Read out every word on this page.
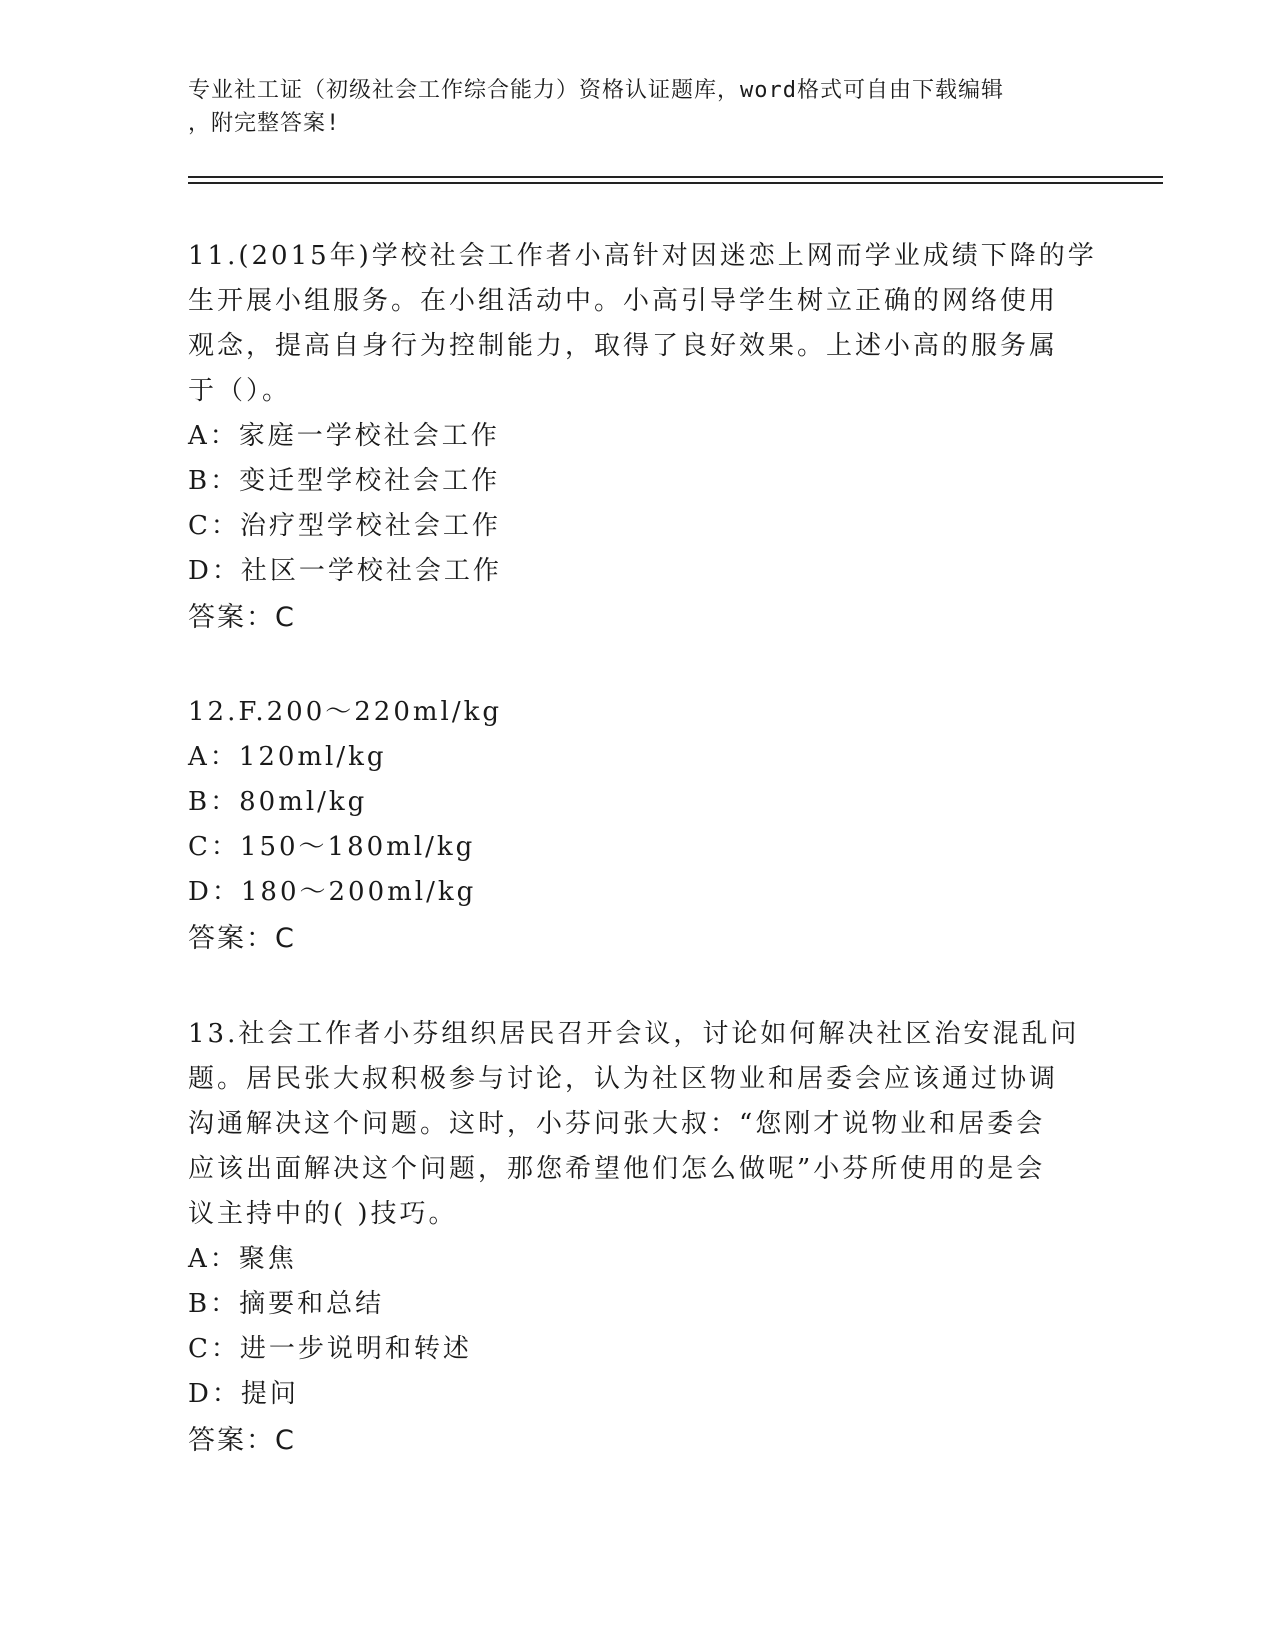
专业社工证（初级社会工作综合能力）资格认证题库，word格式可自由下载编辑
，附完整答案!
11.(2015年)学校社会工作者小高针对因迷恋上网而学业成绩下降的学
生开展小组服务。在小组活动中。小高引导学生树立正确的网络使用
观念，提高自身行为控制能力，取得了良好效果。上述小高的服务属
于（）。
A：家庭一学校社会工作
B：变迁型学校社会工作
C：治疗型学校社会工作
D：社区一学校社会工作
答案：C
12.F.200～220ml/kg
A：120ml/kg
B：80ml/kg
C：150～180ml/kg
D：180～200ml/kg
答案：C
13.社会工作者小芬组织居民召开会议，讨论如何解决社区治安混乱问
题。居民张大叔积极参与讨论，认为社区物业和居委会应该通过协调
沟通解决这个问题。这时，小芬问张大叔：“您刚才说物业和居委会
应该出面解决这个问题，那您希望他们怎么做呢”小芬所使用的是会
议主持中的( )技巧。
A：聚焦
B：摘要和总结
C：进一步说明和转述
D：提问
答案：C
